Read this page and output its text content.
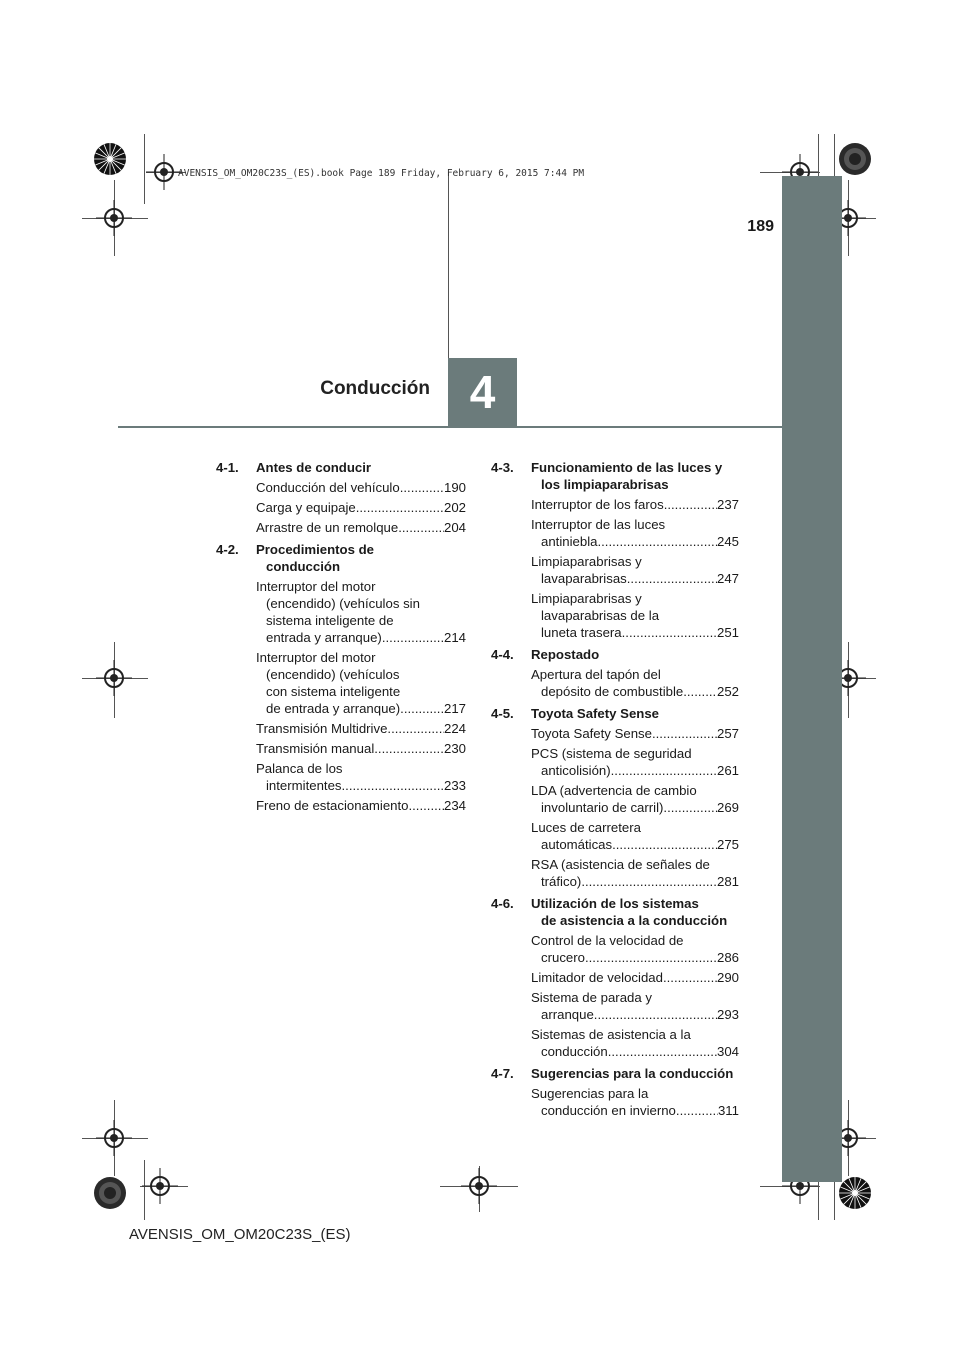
AVENSIS_OM_OM20C23S_(ES).book Page 189 Friday, February 6, 2015 7:44 PM
189
Conducción 4
4-1.	Antes de conducir
Conducción del vehículo .....	190
Carga y equipaje .....	202
Arrastre de un remolque .....	204
4-2.	Procedimientos de
conducción
Interruptor del motor
(encendido) (vehículos sin
sistema inteligente de
entrada y arranque) .....	214
Interruptor del motor
(encendido) (vehículos
con sistema inteligente
de entrada y arranque) .....	217
Transmisión Multidrive .....	224
Transmisión manual .....	230
Palanca de los
intermitentes .....	233
Freno de estacionamiento .....	234
4-3.	Funcionamiento de las luces y
los limpiaparabrisas
Interruptor de los faros .....	237
Interruptor de las luces
antiniebla .....	245
Limpiaparabrisas y
lavaparabrisas .....	247
Limpiaparabrisas y
lavaparabrisas de la
luneta trasera .....	251
4-4.	Repostado
Apertura del tapón del
depósito de combustible .....	252
4-5.	Toyota Safety Sense
Toyota Safety Sense .....	257
PCS (sistema de seguridad
anticolisión) .....	261
LDA (advertencia de cambio
involuntario de carril) .....	269
Luces de carretera
automáticas .....	275
RSA (asistencia de señales de
tráfico) .....	281
4-6.	Utilización de los sistemas
de asistencia a la conducción
Control de la velocidad de
crucero .....	286
Limitador de velocidad .....	290
Sistema de parada y
arranque .....	293
Sistemas de asistencia a la
conducción .....	304
4-7.	Sugerencias para la conducción
Sugerencias para la
conducción en invierno .....	311
AVENSIS_OM_OM20C23S_(ES)
